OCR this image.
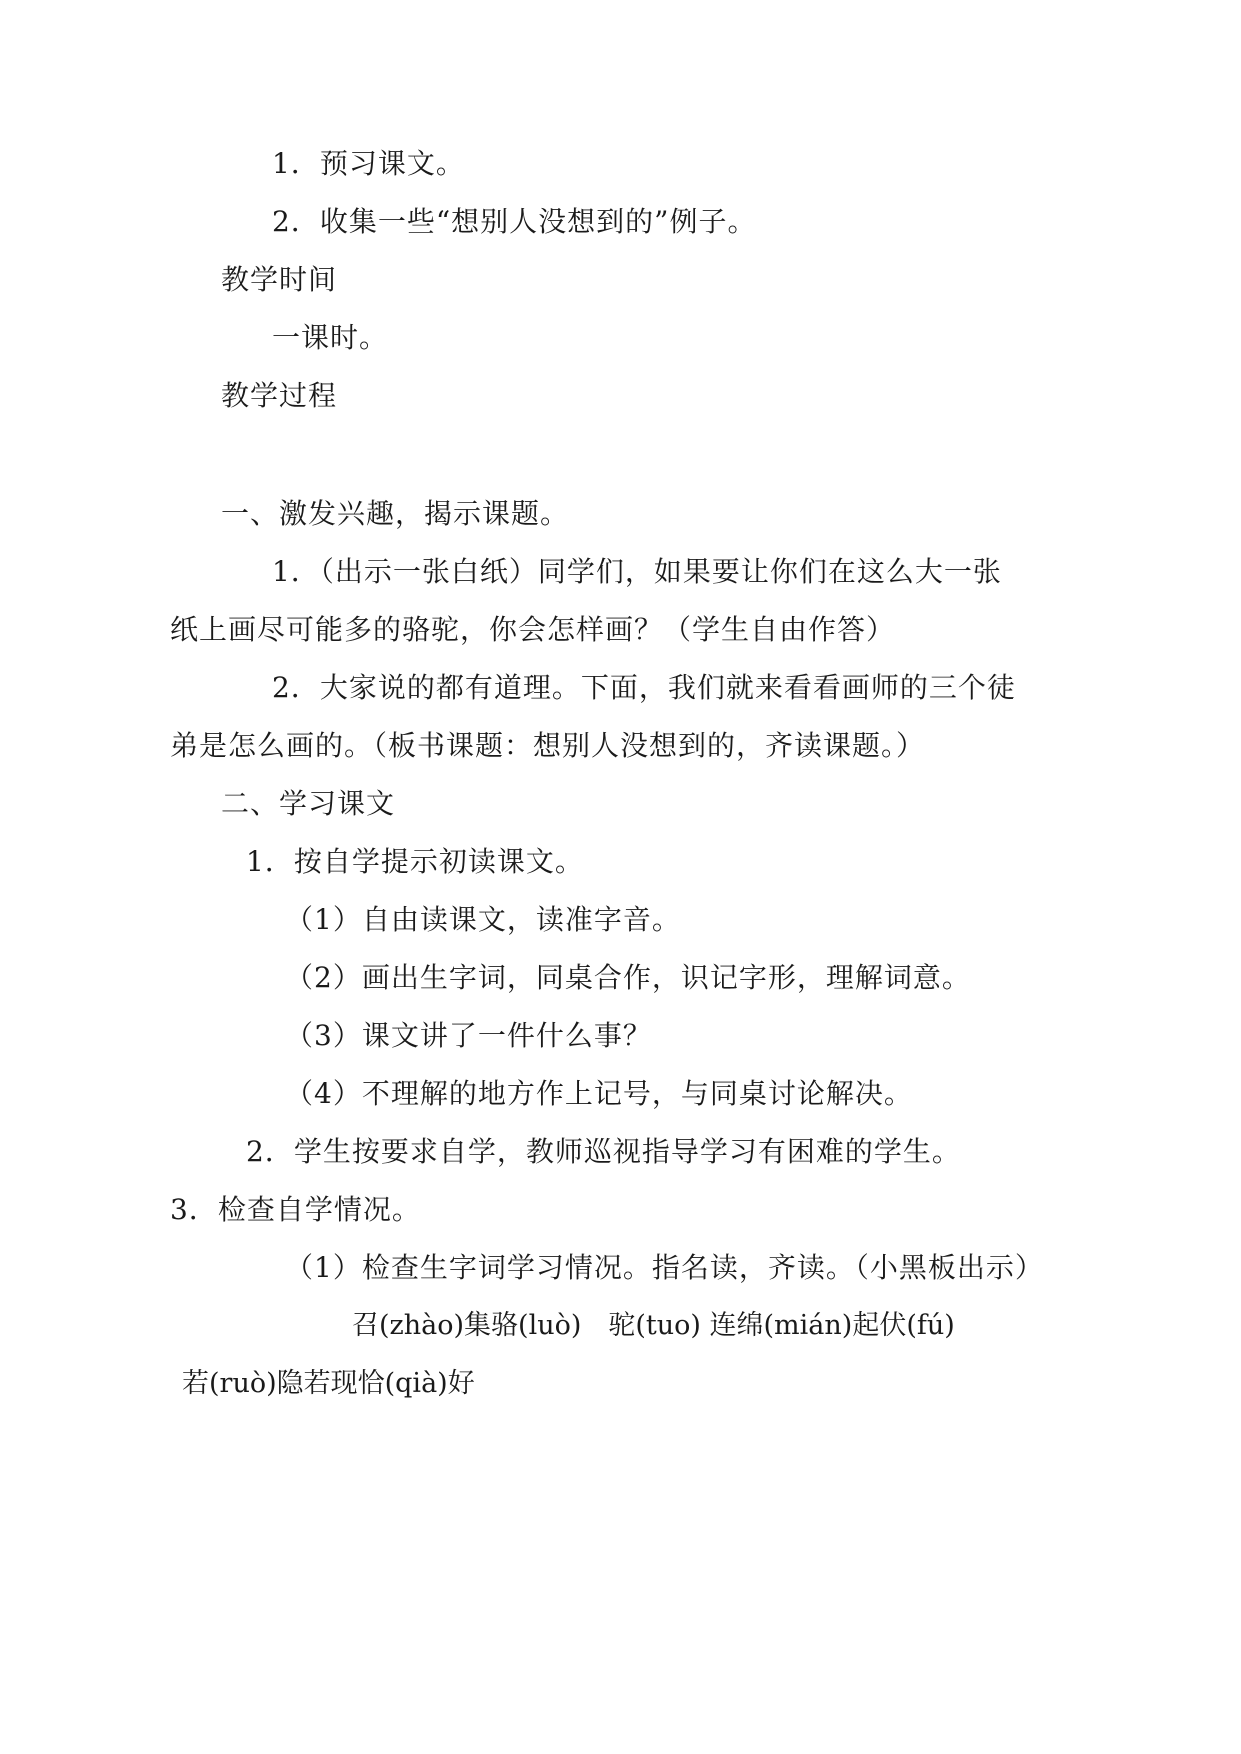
1．预习课文。
2．收集一些“想别人没想到的”例子。
教学时间
一课时。
教学过程
一、激发兴趣，揭示课题。
1．（出示一张白纸）同学们，如果要让你们在这么大一张
纸上画尽可能多的骆驼，你会怎样画？（学生自由作答）
2．大家说的都有道理。下面，我们就来看看画师的三个徒
弟是怎么画的。（板书课题：想别人没想到的，齐读课题。）
二、学习课文
1．按自学提示初读课文。
（1）自由读课文，读准字音。
（2）画出生字词，同桌合作，识记字形，理解词意。
（3）课文讲了一件什么事？
（4）不理解的地方作上记号，与同桌讨论解决。
2．学生按要求自学，教师巡视指导学习有困难的学生。
3．检查自学情况。
（1）检查生字词学习情况。指名读，齐读。（小黑板出示）
召(zhào)集骆(luò)　驼(tuo) 连绵(mián)起伏(fú)
若(ruò)隐若现恰(qià)好
